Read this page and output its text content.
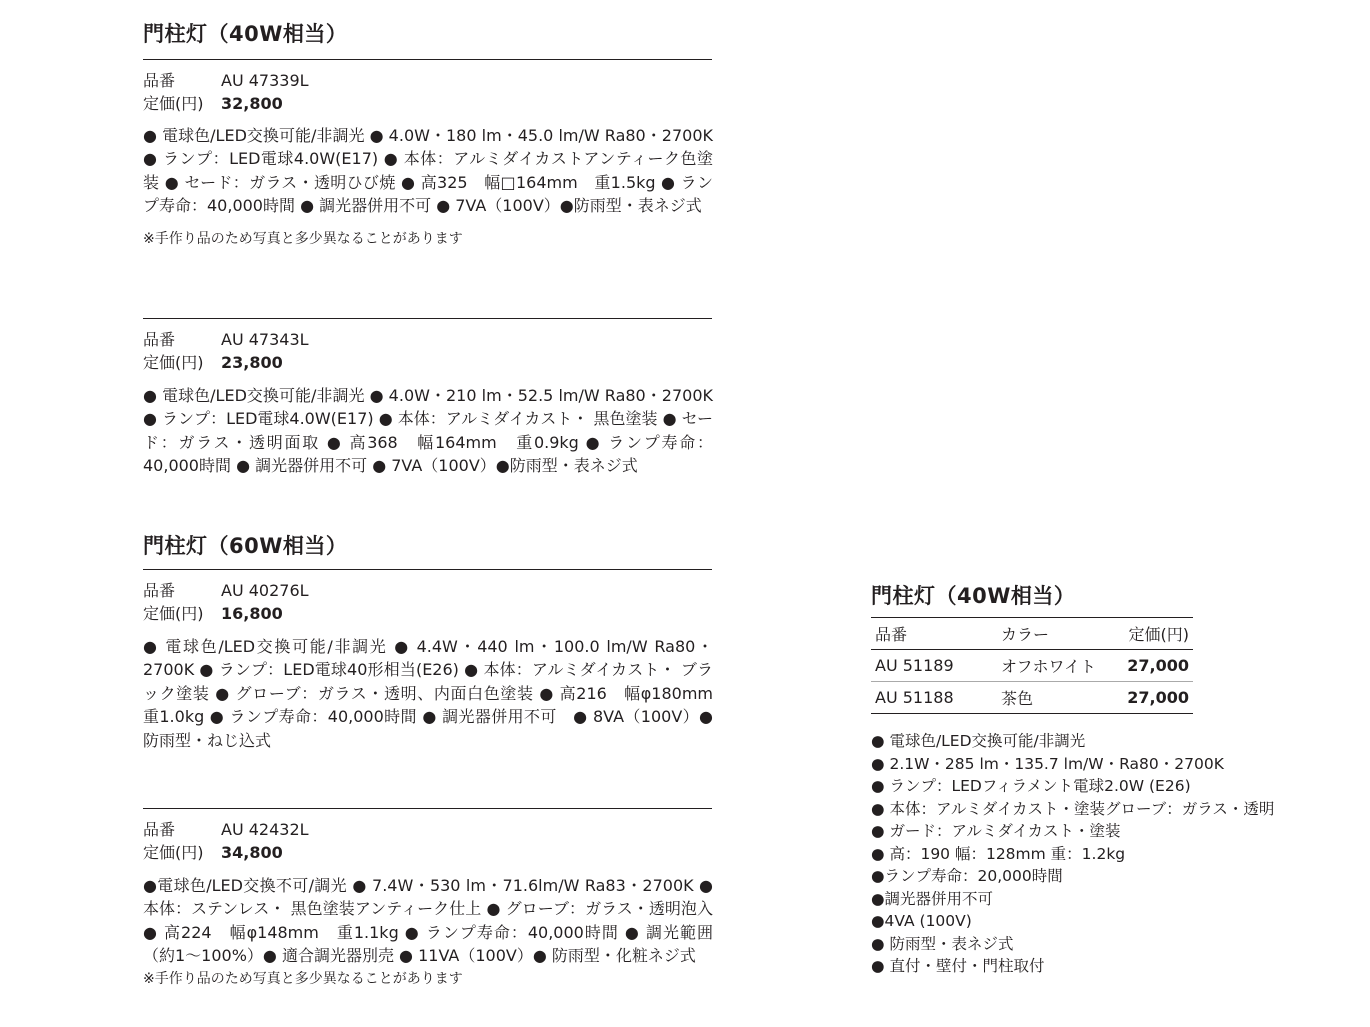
門柱灯（40W相当）
品番	AU 47339L
定価(円) 32,800
● 電球色/LED交換可能/非調光 ● 4.0W・180 lm・45.0 lm/W Ra80・2700K ● ランプ：LED電球4.0W(E17) ● 本体：アルミダイカストアンティーク色塗装 ● セード：ガラス・透明ひび焼 ● 高325　幅□164mm　重1.5kg ● ランプ寿命：40,000時間 ● 調光器併用不可 ● 7VA（100V）●防雨型・表ネジ式
※手作り品のため写真と多少異なることがあります
品番	AU 47343L
定価(円) 23,800
● 電球色/LED交換可能/非調光 ● 4.0W・210 lm・52.5 lm/W Ra80・2700K ● ランプ：LED電球4.0W(E17) ● 本体：アルミダイカスト・ 黒色塗装 ● セード：ガラス・透明面取 ● 高368　幅164mm　重0.9kg ● ランプ寿命：40,000時間 ● 調光器併用不可 ● 7VA（100V）●防雨型・表ネジ式
門柱灯（60W相当）
品番	AU 40276L
定価(円) 16,800
● 電球色/LED交換可能/非調光 ● 4.4W・440 lm・100.0 lm/W Ra80・2700K ● ランプ：LED電球40形相当(E26) ● 本体：アルミダイカスト・ ブラック塗装 ● グローブ：ガラス・透明、内面白色塗装 ● 高216　幅φ180mm　重1.0kg ● ランプ寿命：40,000時間 ● 調光器併用不可　● 8VA（100V）● 防雨型・ねじ込式
品番	AU 42432L
定価(円) 34,800
●電球色/LED交換不可/調光 ● 7.4W・530 lm・71.6lm/W Ra83・2700K ● 本体：ステンレス・ 黒色塗装アンティーク仕上 ● グローブ：ガラス・透明泡入 ● 高224　幅φ148mm　重1.1kg ● ランプ寿命：40,000時間 ● 調光範囲（約1〜100%）● 適合調光器別売 ● 11VA（100V）● 防雨型・化粧ネジ式
※手作り品のため写真と多少異なることがあります
門柱灯（40W相当）
品番	カラー	定価(円)
AU 51189	オフホワイト	27,000
AU 51188	茶色	27,000
● 電球色/LED交換可能/非調光
● 2.1W・285 lm・135.7 lm/W・Ra80・2700K
● ランプ：LEDフィラメント電球2.0W (E26)
● 本体：アルミダイカスト・塗装グローブ：ガラス・透明
● ガード：アルミダイカスト・塗装
● 高：190 幅：128mm 重：1.2kg
●ランプ寿命：20,000時間
●調光器併用不可
●4VA (100V)
● 防雨型・表ネジ式
● 直付・壁付・門柱取付
